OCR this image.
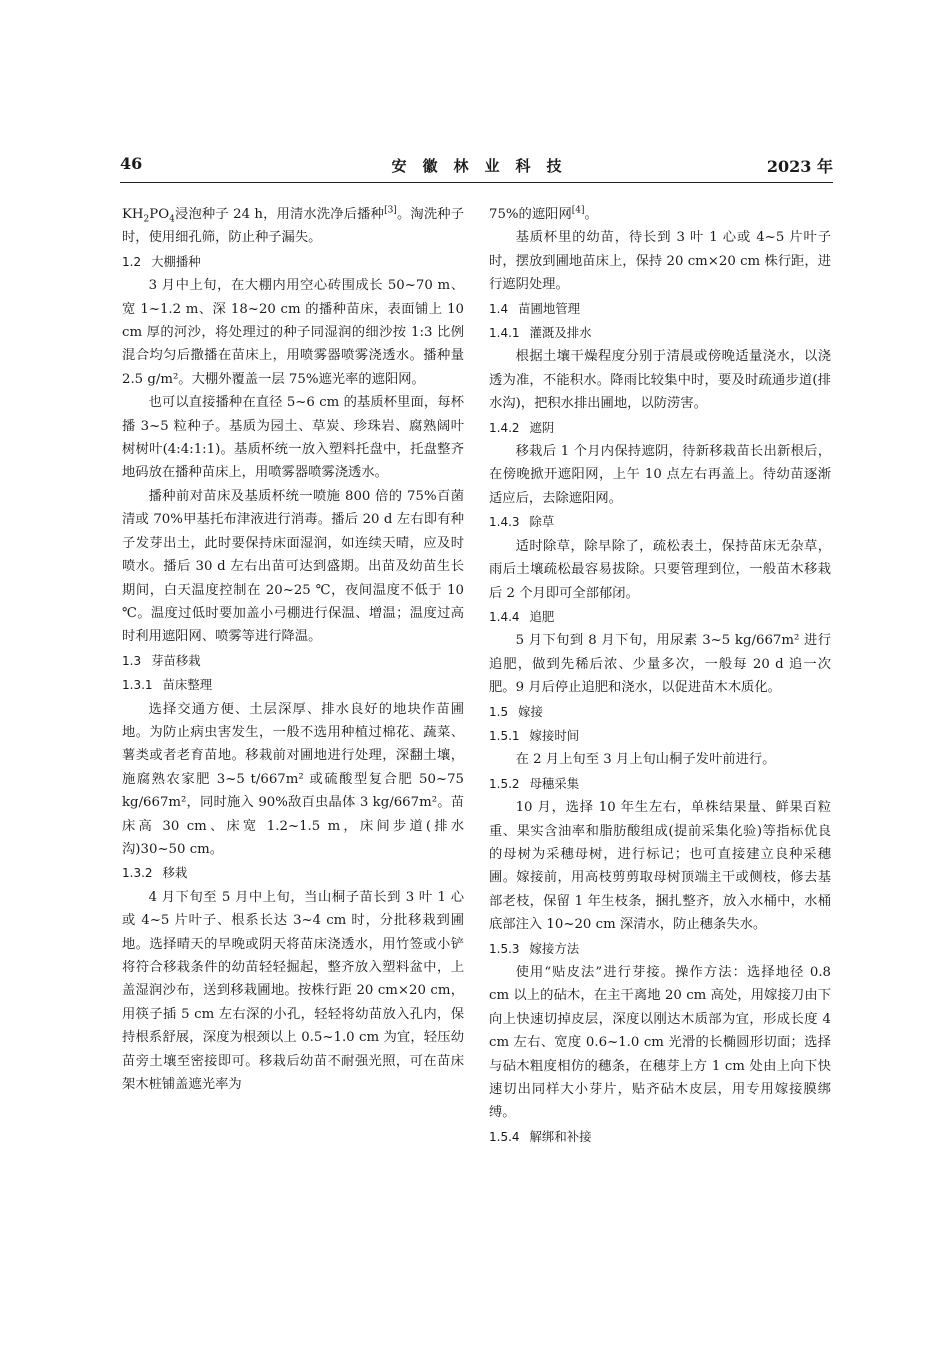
46	安徽林业科技	2023 年

$KH_2PO_4$浸泡种子 24 h，用清水洗净后播种[3]。淘洗种子时，使用细孔筛，防止种子漏失。

1.2 大棚播种

3 月中上旬，在大棚内用空心砖围成长 50~70 m、宽 1~1.2 m、深 18~20 cm 的播种苗床，表面铺上 10 cm 厚的河沙，将处理过的种子同湿润的细沙按 1:3 比例混合均匀后撒播在苗床上，用喷雾器喷雾浇透水。播种量 2.5 g/m²。大棚外覆盖一层 75%遮光率的遮阳网。

也可以直接播种在直径 5~6 cm 的基质杯里面，每杯播 3~5 粒种子。基质为园土、草炭、珍珠岩、腐熟阔叶树树叶(4:4:1:1)。基质杯统一放入塑料托盘中，托盘整齐地码放在播种苗床上，用喷雾器喷雾浇透水。

播种前对苗床及基质杯统一喷施 800 倍的 75%百菌清或 70%甲基托布津液进行消毒。播后 20 d 左右即有种子发芽出土，此时要保持床面湿润，如连续天晴，应及时喷水。播后 30 d 左右出苗可达到盛期。出苗及幼苗生长期间，白天温度控制在 20~25 ℃，夜间温度不低于 10 ℃。温度过低时要加盖小弓棚进行保温、增温；温度过高时利用遮阳网、喷雾等进行降温。

1.3 芽苗移栽
1.3.1 苗床整理

选择交通方便、土层深厚、排水良好的地块作苗圃地。为防止病虫害发生，一般不选用种植过棉花、蔬菜、薯类或者老育苗地。移栽前对圃地进行处理，深翻土壤，施腐熟农家肥 3~5 t/667m² 或硫酸型复合肥 50~75 kg/667m²，同时施入 90%敌百虫晶体 3 kg/667m²。苗床高 30 cm、床宽 1.2~1.5 m，床间步道(排水沟)30~50 cm。

1.3.2 移栽

4 月下旬至 5 月中上旬，当山桐子苗长到 3 叶 1 心或 4~5 片叶子、根系长达 3~4 cm 时，分批移栽到圃地。选择晴天的早晚或阴天将苗床浇透水，用竹签或小铲将符合移栽条件的幼苗轻轻掘起，整齐放入塑料盆中，上盖湿润沙布，送到移栽圃地。按株行距 20 cm×20 cm，用筷子插 5 cm 左右深的小孔，轻轻将幼苗放入孔内，保持根系舒展，深度为根颈以上 0.5~1.0 cm 为宜，轻压幼苗旁土壤至密接即可。移栽后幼苗不耐强光照，可在苗床架木桩铺盖遮光率为

75%的遮阳网[4]。

基质杯里的幼苗，待长到 3 叶 1 心或 4~5 片叶子时，摆放到圃地苗床上，保持 20 cm×20 cm 株行距，进行遮阴处理。

1.4 苗圃地管理
1.4.1 灌溉及排水

根据土壤干燥程度分别于清晨或傍晚适量浇水，以浇透为准，不能积水。降雨比较集中时，要及时疏通步道(排水沟)，把积水排出圃地，以防涝害。

1.4.2 遮阴

移栽后 1 个月内保持遮阴，待新移栽苗长出新根后，在傍晚掀开遮阳网，上午 10 点左右再盖上。待幼苗逐渐适应后，去除遮阳网。

1.4.3 除草

适时除草，除早除了，疏松表土，保持苗床无杂草，雨后土壤疏松最容易拔除。只要管理到位，一般苗木移栽后 2 个月即可全部郁闭。

1.4.4 追肥

5 月下旬到 8 月下旬，用尿素 3~5 kg/667m² 进行追肥，做到先稀后浓、少量多次，一般每 20 d 追一次肥。9 月后停止追肥和浇水，以促进苗木木质化。

1.5 嫁接
1.5.1 嫁接时间

在 2 月上旬至 3 月上旬山桐子发叶前进行。

1.5.2 母穗采集

10 月，选择 10 年生左右，单株结果量、鲜果百粒重、果实含油率和脂肪酸组成(提前采集化验)等指标优良的母树为采穗母树，进行标记；也可直接建立良种采穗圃。嫁接前，用高枝剪剪取母树顶端主干或侧枝，修去基部老枝，保留 1 年生枝条，捆扎整齐，放入水桶中，水桶底部注入 10~20 cm 深清水，防止穗条失水。

1.5.3 嫁接方法

使用“贴皮法”进行芽接。操作方法：选择地径 0.8 cm 以上的砧木，在主干离地 20 cm 高处，用嫁接刀由下向上快速切掉皮层，深度以刚达木质部为宜，形成长度 4 cm 左右、宽度 0.6~1.0 cm 光滑的长椭圆形切面；选择与砧木粗度相仿的穗条，在穗芽上方 1 cm 处由上向下快速切出同样大小芽片，贴齐砧木皮层，用专用嫁接膜绑缚。

1.5.4 解绑和补接
